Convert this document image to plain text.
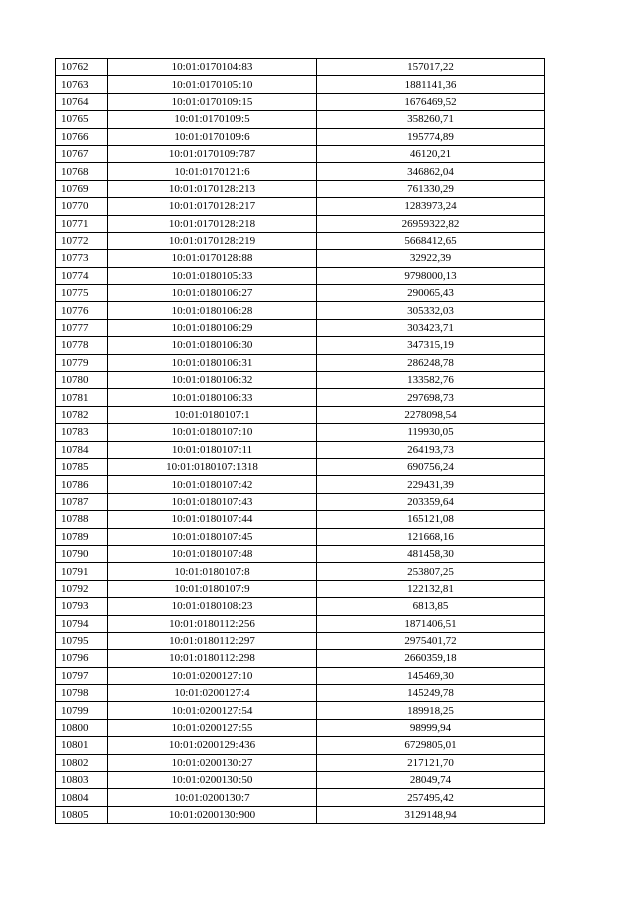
10762	10:01:0170104:83	157017,22
10763	10:01:0170105:10	1881141,36
10764	10:01:0170109:15	1676469,52
10765	10:01:0170109:5	358260,71
10766	10:01:0170109:6	195774,89
10767	10:01:0170109:787	46120,21
10768	10:01:0170121:6	346862,04
10769	10:01:0170128:213	761330,29
10770	10:01:0170128:217	1283973,24
10771	10:01:0170128:218	26959322,82
10772	10:01:0170128:219	5668412,65
10773	10:01:0170128:88	32922,39
10774	10:01:0180105:33	9798000,13
10775	10:01:0180106:27	290065,43
10776	10:01:0180106:28	305332,03
10777	10:01:0180106:29	303423,71
10778	10:01:0180106:30	347315,19
10779	10:01:0180106:31	286248,78
10780	10:01:0180106:32	133582,76
10781	10:01:0180106:33	297698,73
10782	10:01:0180107:1	2278098,54
10783	10:01:0180107:10	119930,05
10784	10:01:0180107:11	264193,73
10785	10:01:0180107:1318	690756,24
10786	10:01:0180107:42	229431,39
10787	10:01:0180107:43	203359,64
10788	10:01:0180107:44	165121,08
10789	10:01:0180107:45	121668,16
10790	10:01:0180107:48	481458,30
10791	10:01:0180107:8	253807,25
10792	10:01:0180107:9	122132,81
10793	10:01:0180108:23	6813,85
10794	10:01:0180112:256	1871406,51
10795	10:01:0180112:297	2975401,72
10796	10:01:0180112:298	2660359,18
10797	10:01:0200127:10	145469,30
10798	10:01:0200127:4	145249,78
10799	10:01:0200127:54	189918,25
10800	10:01:0200127:55	98999,94
10801	10:01:0200129:436	6729805,01
10802	10:01:0200130:27	217121,70
10803	10:01:0200130:50	28049,74
10804	10:01:0200130:7	257495,42
10805	10:01:0200130:900	3129148,94
